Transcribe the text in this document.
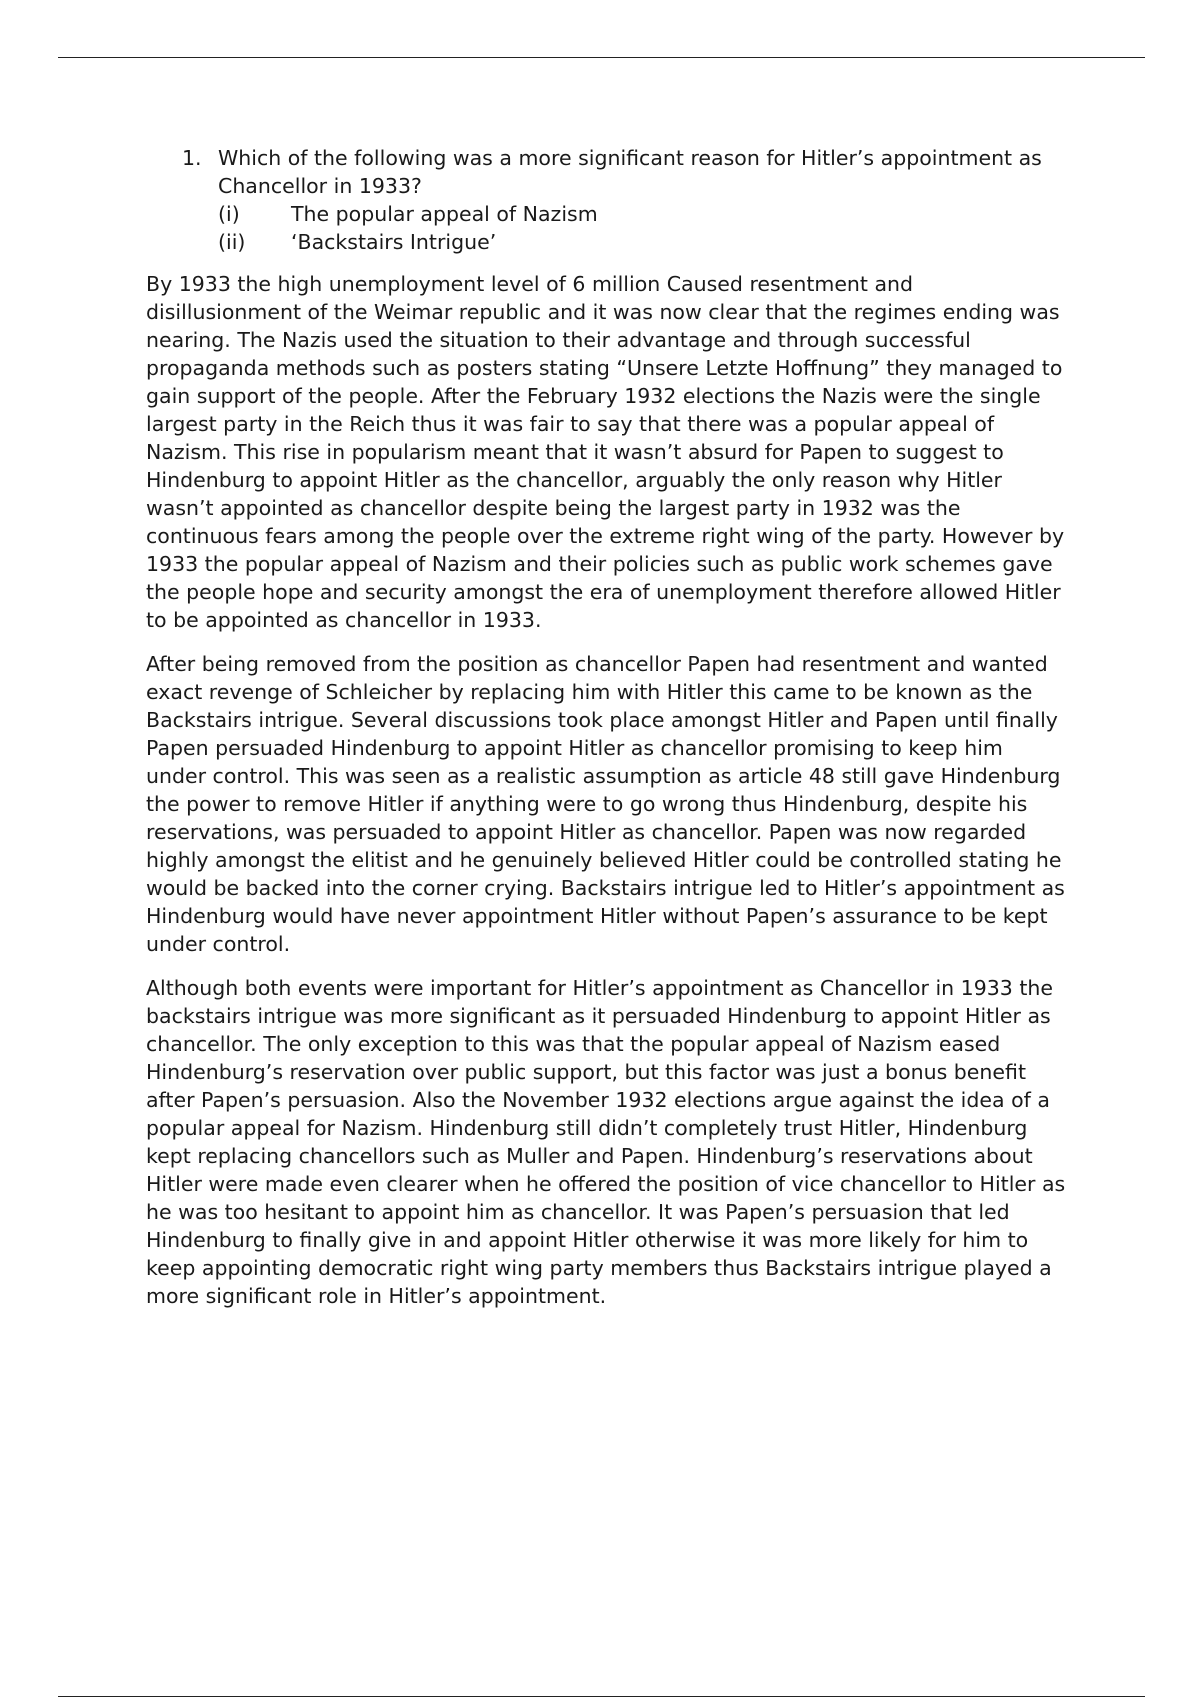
1. Which of the following was a more significant reason for Hitler’s appointment as Chancellor in 1933?
(i)	The popular appeal of Nazism
(ii)	‘Backstairs Intrigue’

By 1933 the high unemployment level of 6 million Caused resentment and disillusionment of the Weimar republic and it was now clear that the regimes ending was nearing. The Nazis used the situation to their advantage and through successful propaganda methods such as posters stating “Unsere Letzte Hoffnung” they managed to gain support of the people. After the February 1932 elections the Nazis were the single largest party in the Reich thus it was fair to say that there was a popular appeal of Nazism. This rise in popularism meant that it wasn’t absurd for Papen to suggest to Hindenburg to appoint Hitler as the chancellor, arguably the only reason why Hitler wasn’t appointed as chancellor despite being the largest party in 1932 was the continuous fears among the people over the extreme right wing of the party. However by 1933 the popular appeal of Nazism and their policies such as public work schemes gave the people hope and security amongst the era of unemployment therefore allowed Hitler to be appointed as chancellor in 1933.

After being removed from the position as chancellor Papen had resentment and wanted exact revenge of Schleicher by replacing him with Hitler this came to be known as the Backstairs intrigue. Several discussions took place amongst Hitler and Papen until finally Papen persuaded Hindenburg to appoint Hitler as chancellor promising to keep him under control. This was seen as a realistic assumption as article 48 still gave Hindenburg the power to remove Hitler if anything were to go wrong thus Hindenburg, despite his reservations, was persuaded to appoint Hitler as chancellor. Papen was now regarded highly amongst the elitist and he genuinely believed Hitler could be controlled stating he would be backed into the corner crying. Backstairs intrigue led to Hitler’s appointment as Hindenburg would have never appointment Hitler without Papen’s assurance to be kept under control.

Although both events were important for Hitler’s appointment as Chancellor in 1933 the backstairs intrigue was more significant as it persuaded Hindenburg to appoint Hitler as chancellor. The only exception to this was that the popular appeal of Nazism eased Hindenburg’s reservation over public support, but this factor was just a bonus benefit after Papen’s persuasion. Also the November 1932 elections argue against the idea of a popular appeal for Nazism. Hindenburg still didn’t completely trust Hitler, Hindenburg kept replacing chancellors such as Muller and Papen. Hindenburg’s reservations about Hitler were made even clearer when he offered the position of vice chancellor to Hitler as he was too hesitant to appoint him as chancellor. It was Papen’s persuasion that led Hindenburg to finally give in and appoint Hitler otherwise it was more likely for him to keep appointing democratic right wing party members thus Backstairs intrigue played a more significant role in Hitler’s appointment.
